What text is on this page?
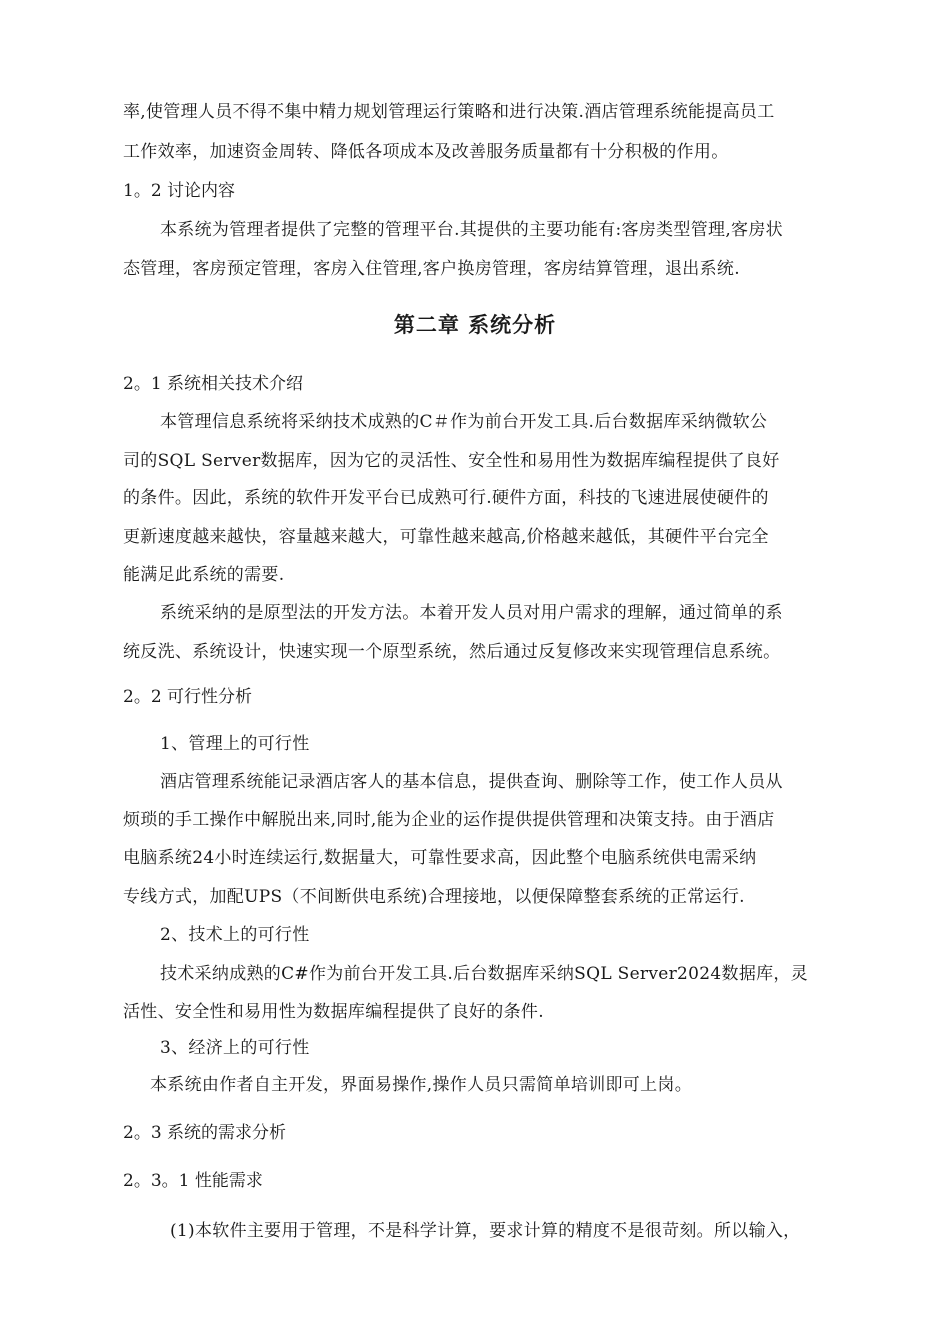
率,使管理人员不得不集中精力规划管理运行策略和进行决策.酒店管理系统能提高员工
工作效率，加速资金周转、降低各项成本及改善服务质量都有十分积极的作用。
1。2 讨论内容
本系统为管理者提供了完整的管理平台.其提供的主要功能有:客房类型管理,客房状
态管理，客房预定管理，客房入住管理,客户换房管理，客房结算管理，退出系统.
第二章 系统分析
2。1 系统相关技术介绍
本管理信息系统将采纳技术成熟的C＃作为前台开发工具.后台数据库采纳微软公
司的SQL Server数据库，因为它的灵活性、安全性和易用性为数据库编程提供了良好
的条件。因此，系统的软件开发平台已成熟可行.硬件方面，科技的飞速进展使硬件的
更新速度越来越快，容量越来越大，可靠性越来越高,价格越来越低，其硬件平台完全
能满足此系统的需要.
系统采纳的是原型法的开发方法。本着开发人员对用户需求的理解，通过简单的系
统反洗、系统设计，快速实现一个原型系统，然后通过反复修改来实现管理信息系统。
2。2 可行性分析
1、管理上的可行性
酒店管理系统能记录酒店客人的基本信息，提供查询、删除等工作，使工作人员从
烦琐的手工操作中解脱出来,同时,能为企业的运作提供提供管理和决策支持。由于酒店
电脑系统24小时连续运行,数据量大，可靠性要求高，因此整个电脑系统供电需采纳
专线方式，加配UPS（不间断供电系统)合理接地，以便保障整套系统的正常运行.
2、技术上的可行性
技术采纳成熟的C#作为前台开发工具.后台数据库采纳SQL Server2024数据库，灵
活性、安全性和易用性为数据库编程提供了良好的条件.
3、经济上的可行性
本系统由作者自主开发，界面易操作,操作人员只需简单培训即可上岗。
2。3 系统的需求分析
2。3。1 性能需求
(1)本软件主要用于管理，不是科学计算，要求计算的精度不是很苛刻。所以输入，
